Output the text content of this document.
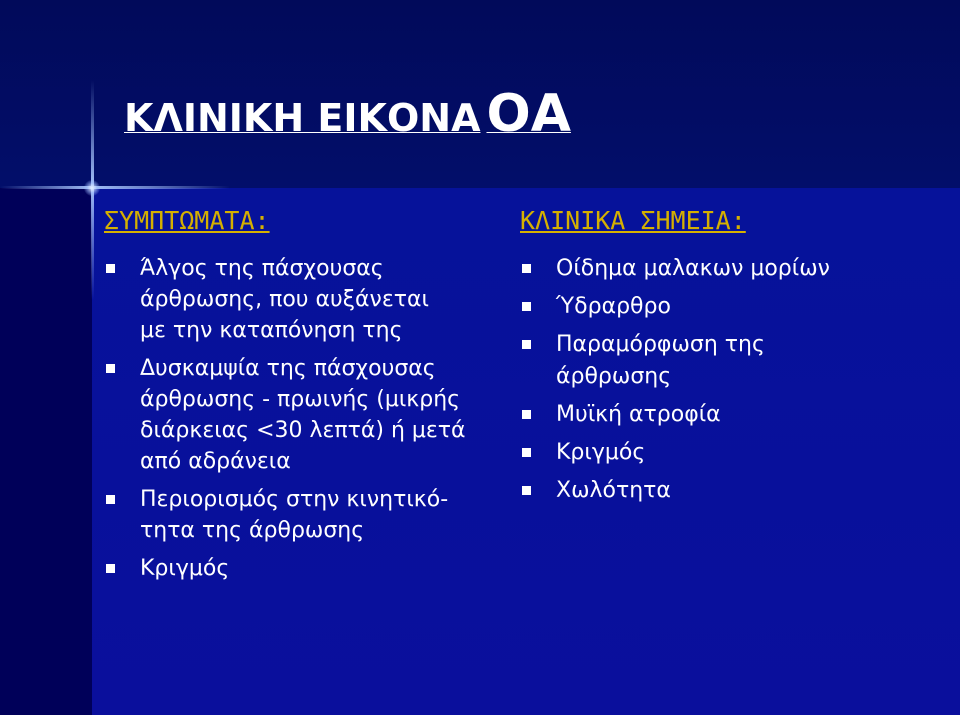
ΚΛΙΝΙΚΗ ΕΙΚΟΝΑ ΟΑ
ΣΥΜΠΤΩΜΑΤΑ:
Άλγος της πάσχουσας
άρθρωσης, που αυξάνεται
με την καταπόνηση της
Δυσκαμψία της πάσχουσας
άρθρωσης - πρωινής (μικρής
διάρκειας <30 λεπτά) ή μετά
από αδράνεια
Περιορισμός στην κινητικό-
τητα της άρθρωσης
Κριγμός
ΚΛΙΝΙΚΑ ΣΗΜΕΙΑ:
Οίδημα μαλακων μορίων
Ύδραρθρο
Παραμόρφωση της
άρθρωσης
Μυϊκή ατροφία
Κριγμός
Χωλότητα
